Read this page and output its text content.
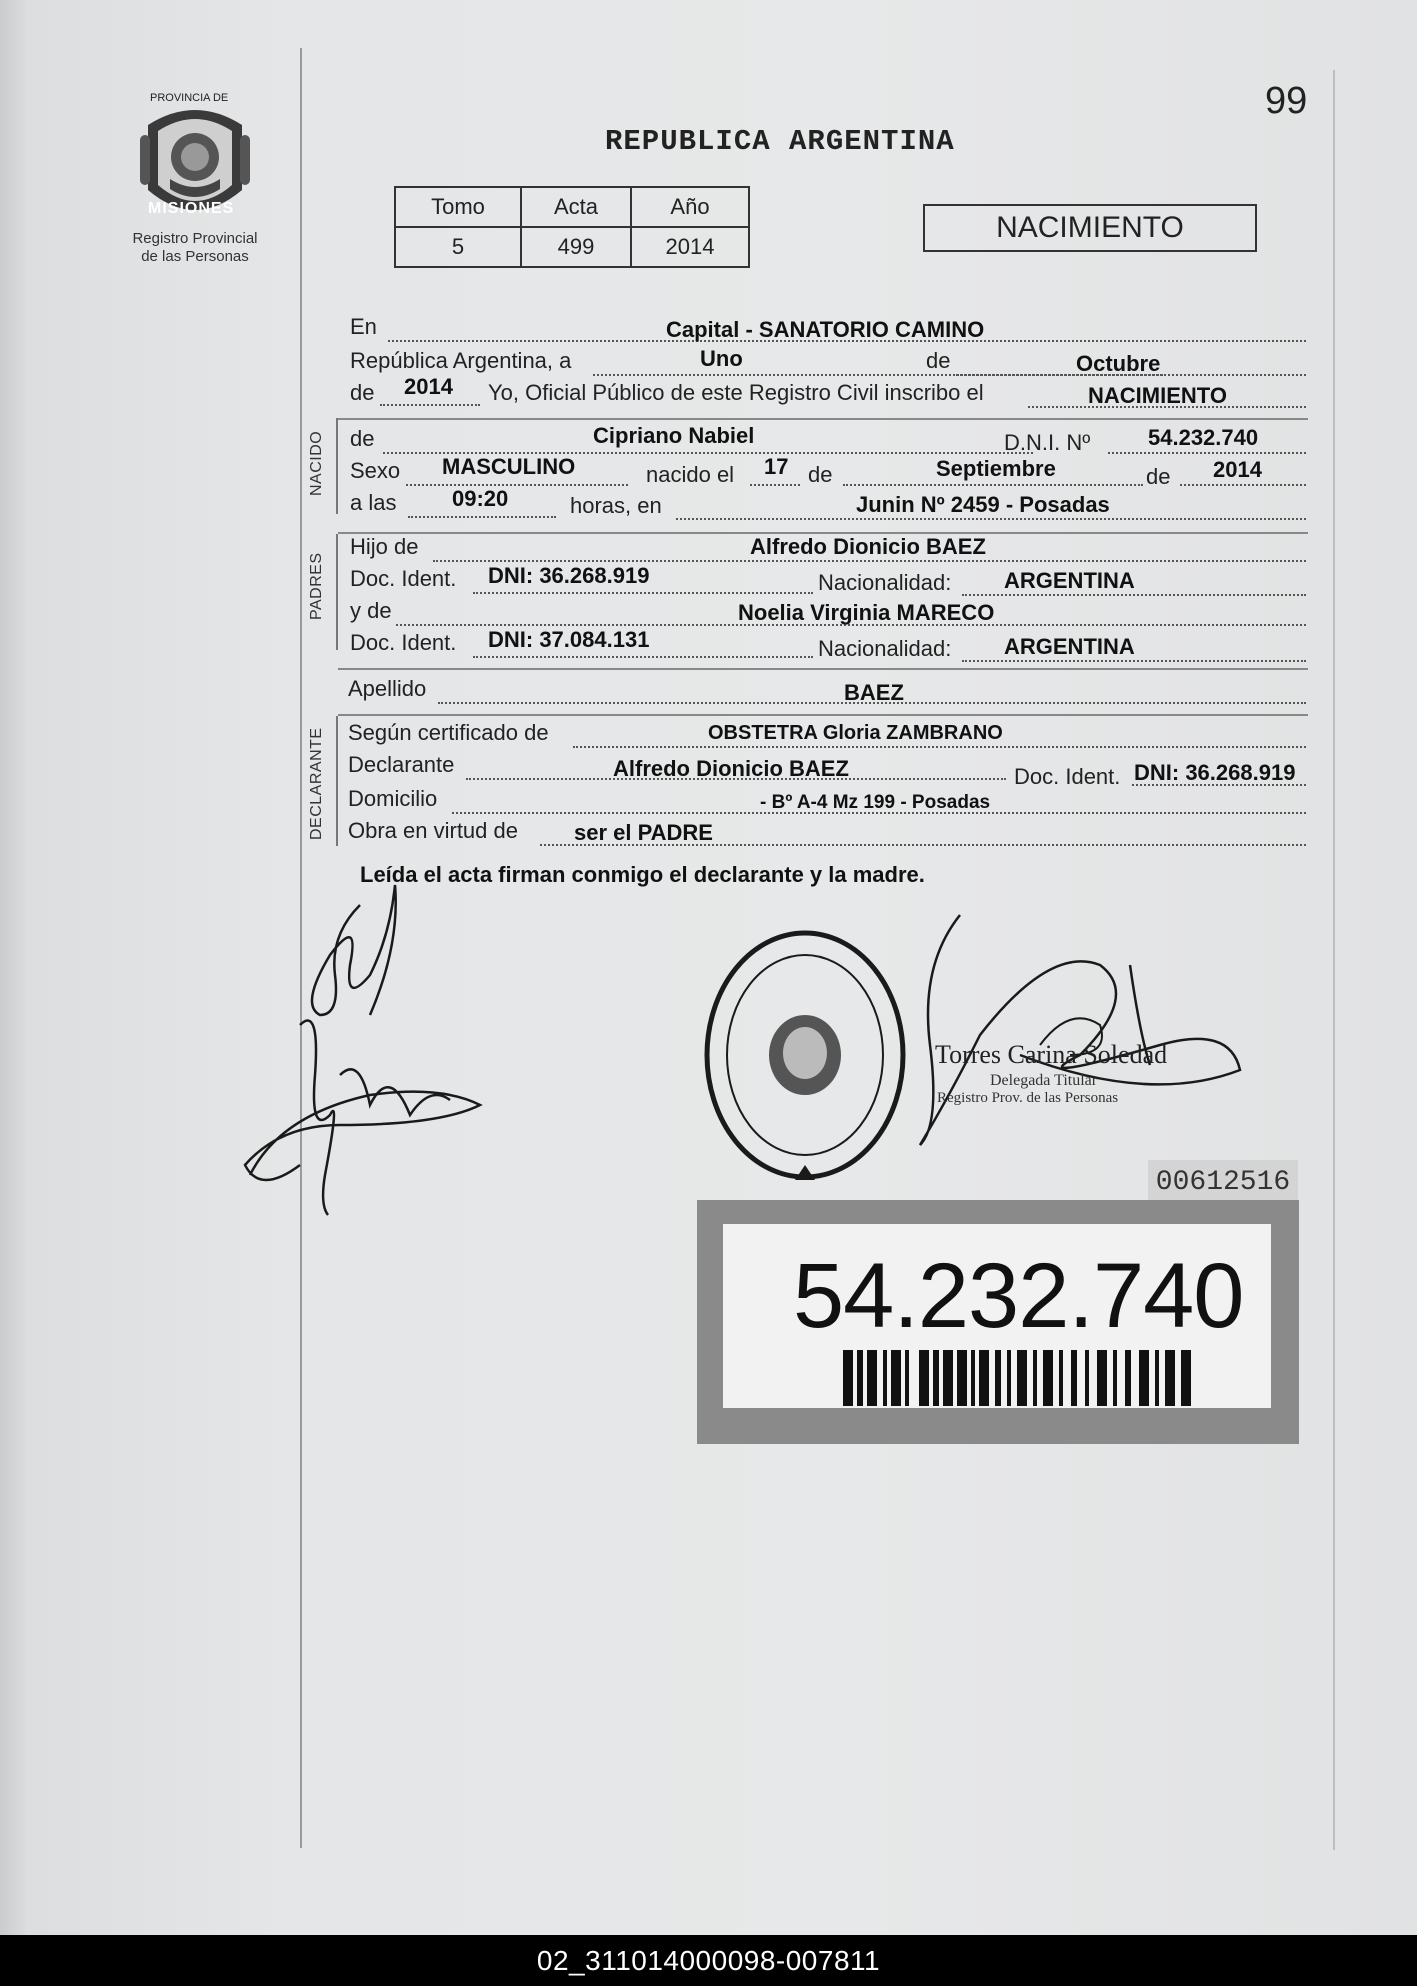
PROVINCIA DE
MISIONES
Registro Provincial
de las Personas
99
REPUBLICA ARGENTINA
Tomo	Acta	Año
5	499	2014
NACIMIENTO
En	Capital - SANATORIO CAMINO
República Argentina, a	Uno	de	Octubre
de 2014 Yo, Oficial Público de este Registro Civil inscribo el	NACIMIENTO
NACIDO de	Cipriano Nabiel	D.N.I. Nº	54.232.740
Sexo MASCULINO	nacido el 17 de	Septiembre	de 2014
a las	09:20	horas, en	Junin Nº 2459 - Posadas
PADRES
Hijo de	Alfredo Dionicio BAEZ
Doc. Ident. DNI: 36.268.919	Nacionalidad: ARGENTINA
y de	Noelia Virginia MARECO
Doc. Ident. DNI: 37.084.131	Nacionalidad: ARGENTINA
Apellido	BAEZ
DECLARANTE Según certificado de	OBSTETRA Gloria ZAMBRANO
Declarante	Alfredo Dionicio BAEZ	Doc. Ident. DNI: 36.268.919
Domicilio	- Bº A-4 Mz 199 - Posadas
Obra en virtud de	ser el PADRE
Leída el acta firman conmigo el declarante y la madre.
Torres Carina Soledad
Delegada Titular
Registro Prov. de las Personas
00612516
54.232.740
02_311014000098-007811
